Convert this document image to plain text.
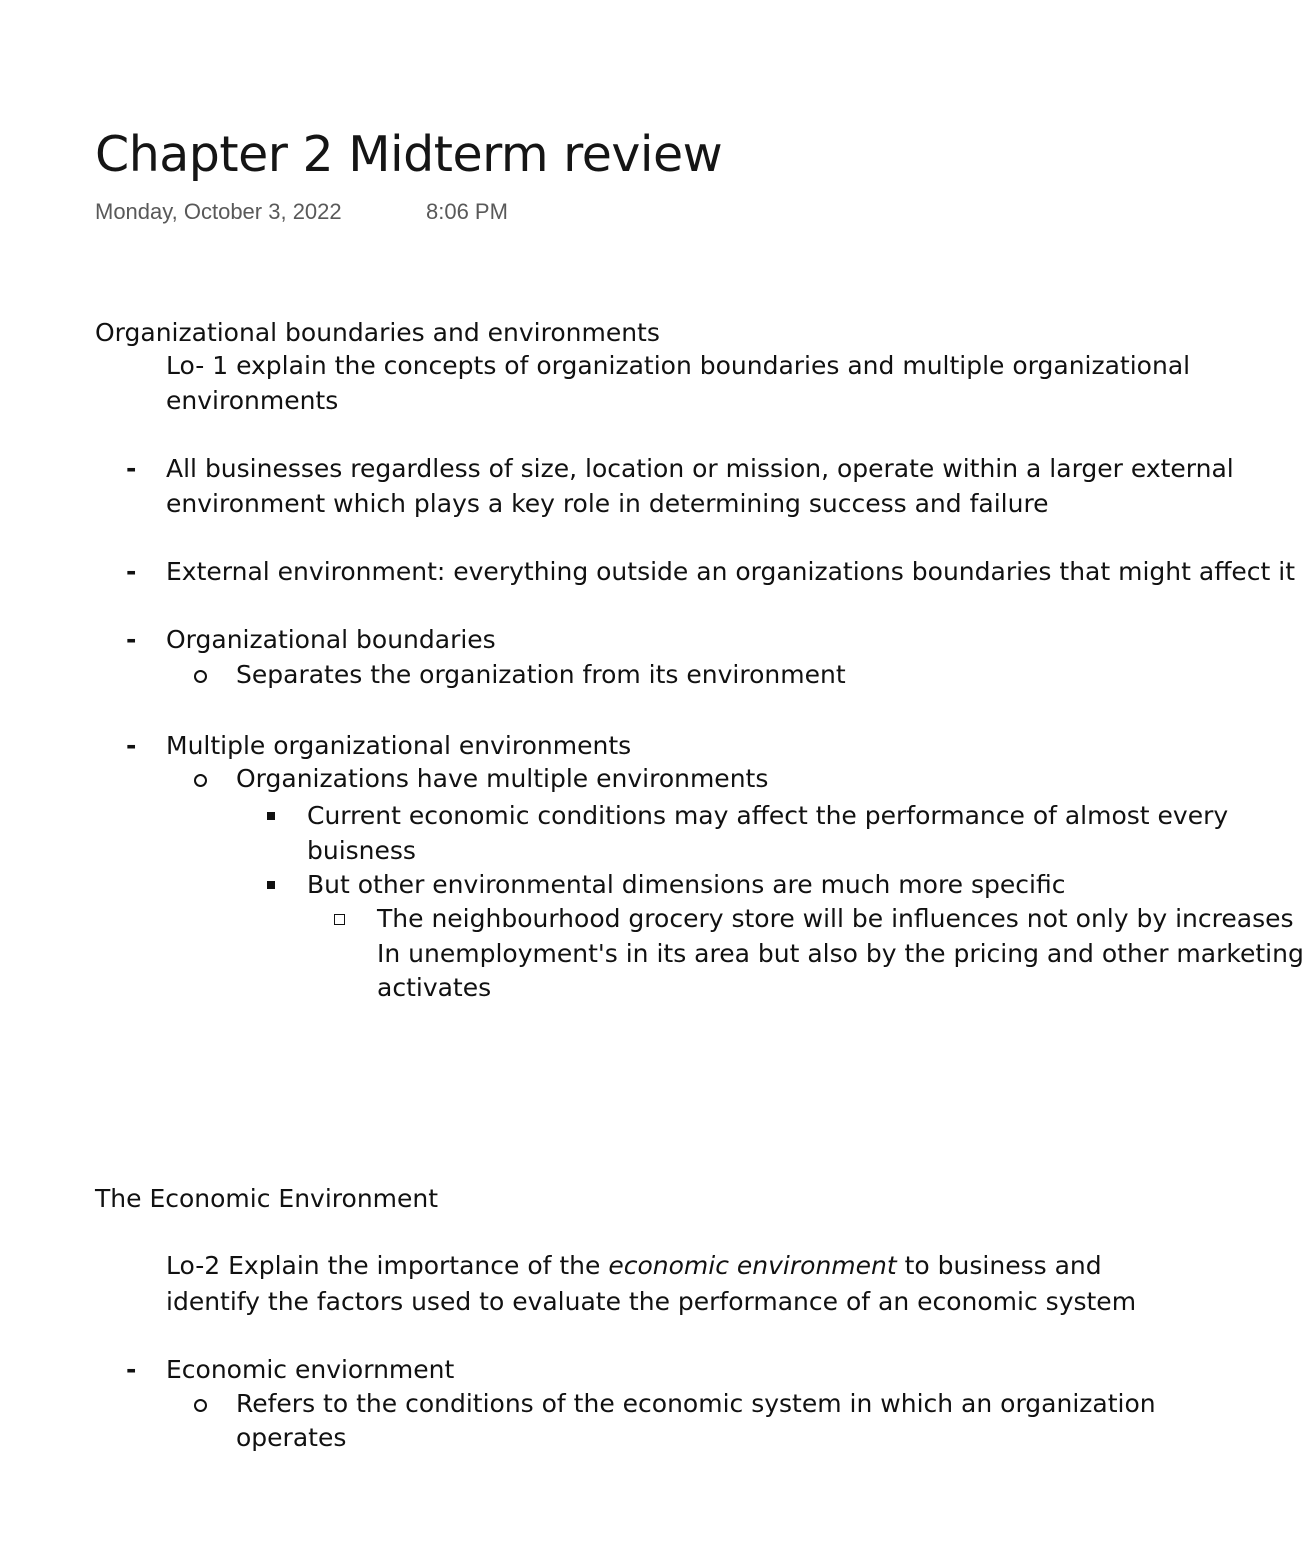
Chapter 2 Midterm review
Monday, October 3, 2022	8:06 PM
Organizational boundaries and environments
Lo- 1 explain the concepts of organization boundaries and multiple organizational
environments
- All businesses regardless of size, location or mission, operate within a larger external
environment which plays a key role in determining success and failure
- External environment: everything outside an organizations boundaries that might affect it
- Organizational boundaries
Separates the organization from its environment
- Multiple organizational environments
Organizations have multiple environments
Current economic conditions may affect the performance of almost every
buisness
But other environmental dimensions are much more specific
The neighbourhood grocery store will be influences not only by increases
In unemployment's in its area but also by the pricing and other marketing
activates
The Economic Environment
Lo-2 Explain the importance of the economic environment to business and
identify the factors used to evaluate the performance of an economic system
- Economic enviornment
Refers to the conditions of the economic system in which an organization
operates
